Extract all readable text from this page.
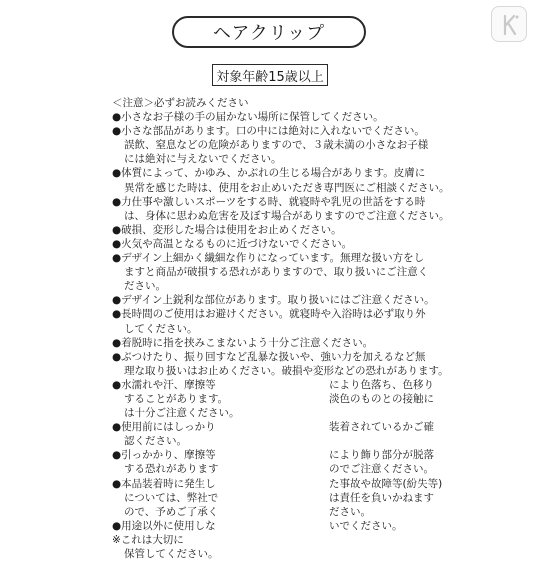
ヘアクリップ
対象年齢15歳以上
＜注意＞必ずお読みください
●小さなお子様の手の届かない場所に保管してください。
●小さな部品があります。口の中には絶対に入れないでください。
誤飲、窒息などの危険がありますので、３歳未満の小さなお子様
には絶対に与えないでください。
●体質によって、かゆみ、かぶれの生じる場合があります。皮膚に
異常を感じた時は、使用をお止めいただき専門医にご相談ください。
●力仕事や激しいスポーツをする時、就寝時や乳児の世話をする時
は、身体に思わぬ危害を及ぼす場合がありますのでご注意ください。
●破損、変形した場合は使用をお止めください。
●火気や高温となるものに近づけないでください。
●デザイン上細かく繊細な作りになっています。無理な扱い方をし
ますと商品が破損する恐れがありますので、取り扱いにご注意く
ださい。
●デザイン上鋭利な部位があります。取り扱いにはご注意ください。
●長時間のご使用はお避けください。就寝時や入浴時は必ず取り外
してください。
●着脱時に指を挟みこまないよう十分ご注意ください。
●ぶつけたり、振り回すなど乱暴な扱いや、強い力を加えるなど無
理な取り扱いはお止めください。破損や変形などの恐れがあります。
●水濡れや汗、摩擦等	により色落ち、色移り
することがあります。	淡色のものとの接触に
は十分ご注意ください。
●使用前にはしっかり	装着されているかご確
認ください。
●引っかかり、摩擦等	により飾り部分が脱落
する恐れがあります	のでご注意ください。
●本品装着時に発生し	た事故や故障等(紛失等)
については、弊社で	は責任を負いかねます
ので、予めご了承く	ださい。
●用途以外に使用しな	いでください。
※これは大切に
保管してください。
